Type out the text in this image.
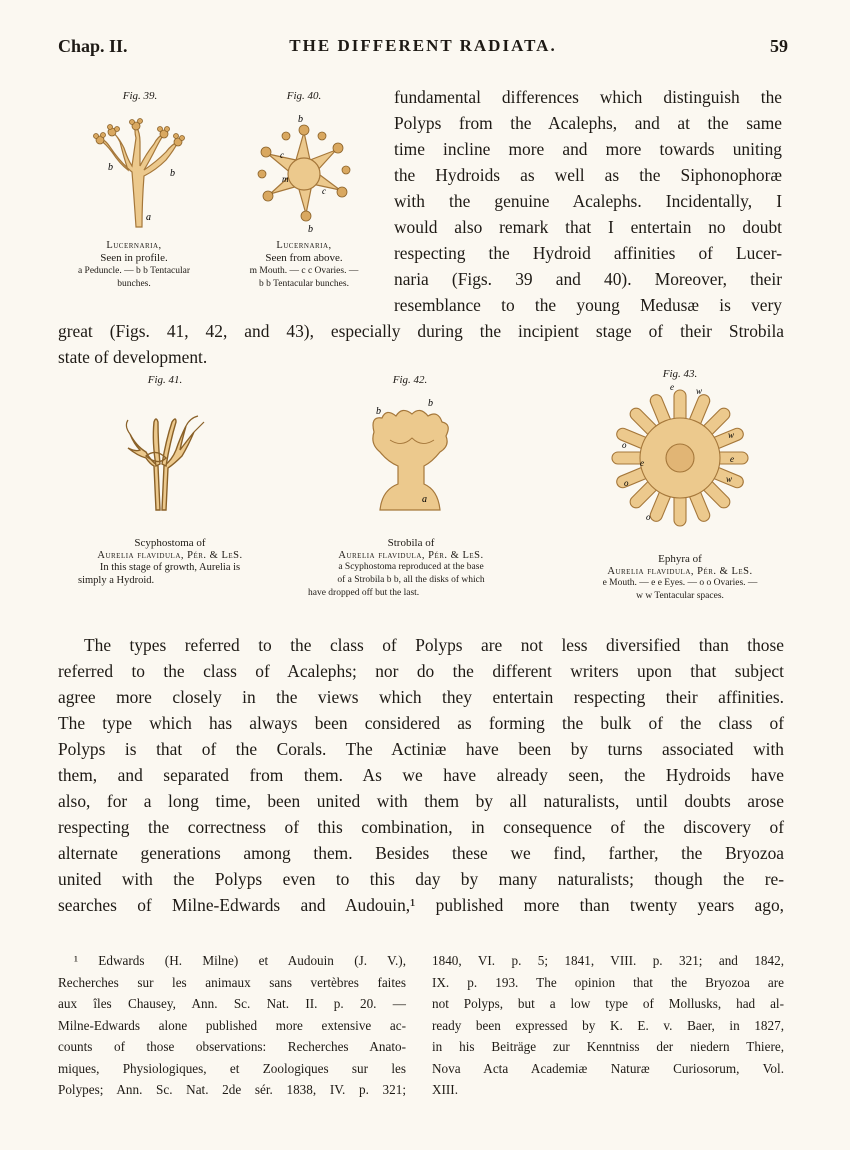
Chap. II.	THE DIFFERENT RADIATA.	59
Fig. 39.
b
b
a
Lucernaria,
Seen in profile.
a Peduncle. — b b Tentacular
bunches.
Fig. 40.
b
c
m
c
b
Lucernaria,
Seen from above.
m Mouth. — c c Ovaries. —
b b Tentacular bunches.
fundamental differences which distinguish the
Polyps from the Acalephs, and at the same
time incline more and more towards uniting
the Hydroids as well as the Siphonophoræ
with the genuine Acalephs. Incidentally, I
would also remark that I entertain no doubt
respecting the Hydroid affinities of Lucer-
naria (Figs. 39 and 40). Moreover, their
resemblance to the young Medusæ is very
great (Figs. 41, 42, and 43), especially during the incipient stage of their Strobila
state of development.
Fig. 41.
Scyphostoma of
Aurelia flavidula, Pér. & LeS.
In this stage of growth, Aurelia is
simply a Hydroid.
Fig. 42.
b
b
a
Strobila of
Aurelia flavidula, Pér. & LeS.
a Scyphostoma reproduced at the base
of a Strobila b b, all the disks of which
have dropped off but the last.
Fig. 43.
e w
o
w
e
w
o
e
o
Ephyra of
Aurelia flavidula, Pér. & LeS.
e Mouth. — e e Eyes. — o o Ovaries. —
w w Tentacular spaces.
The types referred to the class of Polyps are not less diversified than those
referred to the class of Acalephs; nor do the different writers upon that subject
agree more closely in the views which they entertain respecting their affinities.
The type which has always been considered as forming the bulk of the class of
Polyps is that of the Corals. The Actiniæ have been by turns associated with
them, and separated from them. As we have already seen, the Hydroids have
also, for a long time, been united with them by all naturalists, until doubts arose
respecting the correctness of this combination, in consequence of the discovery of
alternate generations among them. Besides these we find, farther, the Bryozoa
united with the Polyps even to this day by many naturalists; though the re-
searches of Milne-Edwards and Audouin,¹ published more than twenty years ago,
¹ Edwards (H. Milne) et Audouin (J. V.),
Recherches sur les animaux sans vertèbres faites
aux îles Chausey, Ann. Sc. Nat. II. p. 20. —
Milne-Edwards alone published more extensive ac-
counts of those observations: Recherches Anato-
miques, Physiologiques, et Zoologiques sur les
Polypes; Ann. Sc. Nat. 2de sér. 1838, IV. p. 321;
1840, VI. p. 5; 1841, VIII. p. 321; and 1842,
IX. p. 193. The opinion that the Bryozoa are
not Polyps, but a low type of Mollusks, had al-
ready been expressed by K. E. v. Baer, in 1827,
in his Beiträge zur Kenntniss der niedern Thiere,
Nova Acta Academiæ Naturæ Curiosorum, Vol.
XIII.
